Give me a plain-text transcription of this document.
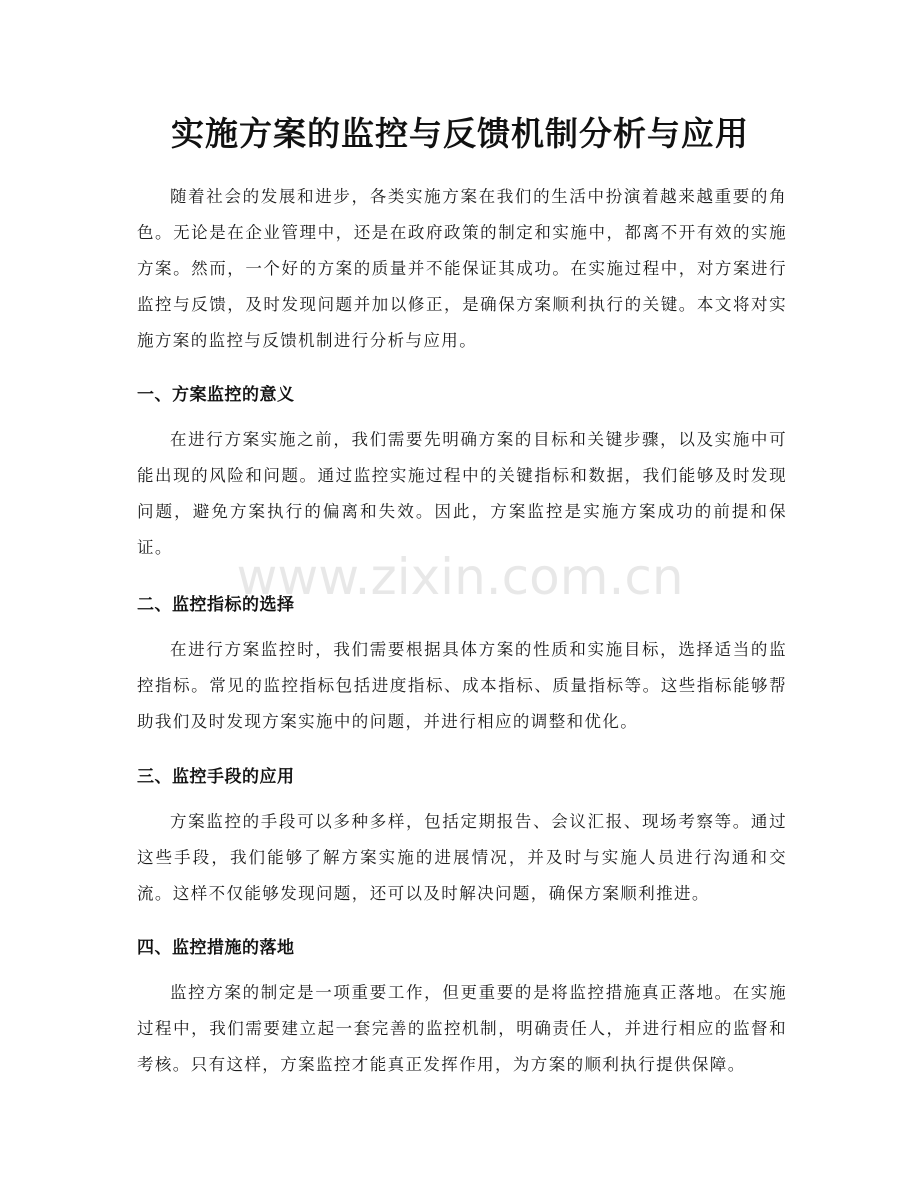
实施方案的监控与反馈机制分析与应用

随着社会的发展和进步，各类实施方案在我们的生活中扮演着越来越重要的角色。无论是在企业管理中，还是在政府政策的制定和实施中，都离不开有效的实施方案。然而，一个好的方案的质量并不能保证其成功。在实施过程中，对方案进行监控与反馈，及时发现问题并加以修正，是确保方案顺利执行的关键。本文将对实施方案的监控与反馈机制进行分析与应用。

一、方案监控的意义

在进行方案实施之前，我们需要先明确方案的目标和关键步骤，以及实施中可能出现的风险和问题。通过监控实施过程中的关键指标和数据，我们能够及时发现问题，避免方案执行的偏离和失效。因此，方案监控是实施方案成功的前提和保证。

二、监控指标的选择

在进行方案监控时，我们需要根据具体方案的性质和实施目标，选择适当的监控指标。常见的监控指标包括进度指标、成本指标、质量指标等。这些指标能够帮助我们及时发现方案实施中的问题，并进行相应的调整和优化。

三、监控手段的应用

方案监控的手段可以多种多样，包括定期报告、会议汇报、现场考察等。通过这些手段，我们能够了解方案实施的进展情况，并及时与实施人员进行沟通和交流。这样不仅能够发现问题，还可以及时解决问题，确保方案顺利推进。

四、监控措施的落地

监控方案的制定是一项重要工作，但更重要的是将监控措施真正落地。在实施过程中，我们需要建立起一套完善的监控机制，明确责任人，并进行相应的监督和考核。只有这样，方案监控才能真正发挥作用，为方案的顺利执行提供保障。

www.zixin.com.cn
